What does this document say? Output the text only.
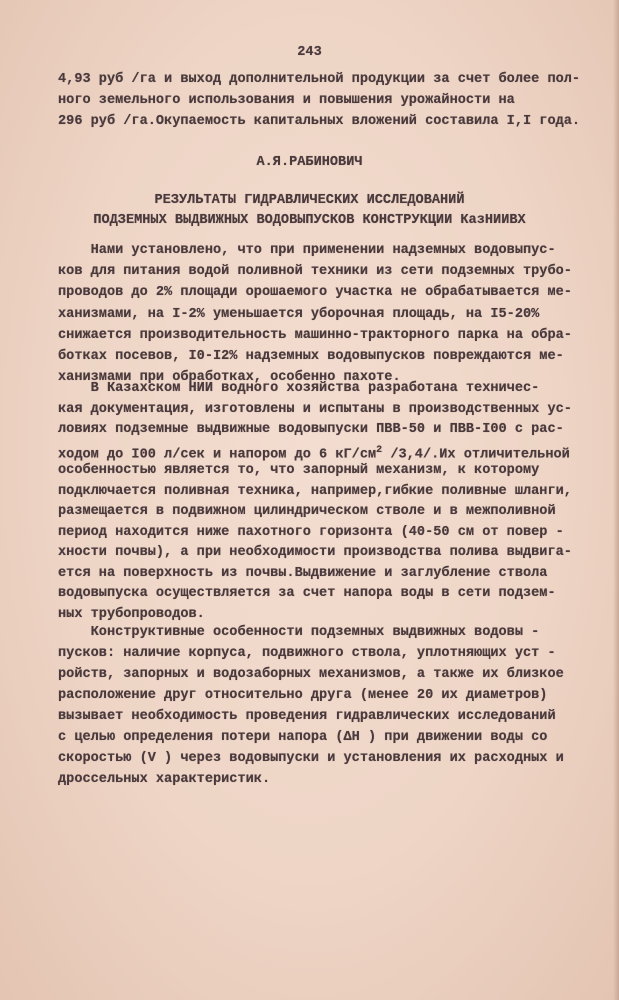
243
4,93 руб /га и выход дополнительной продукции за счет более пол-
ного земельного использования и повышения урожайности на
296 руб /га.Окупаемость капитальных вложений составила I,I года.
А.Я.РАБИНОВИЧ
РЕЗУЛЬТАТЫ ГИДРАВЛИЧЕСКИХ ИССЛЕДОВАНИЙ
ПОДЗЕМНЫХ ВЫДВИЖНЫХ ВОДОВЫПУСКОВ КОНСТРУКЦИИ КазНИИВХ
Нами установлено, что при применении надземных водовыпус-
ков для питания водой поливной техники из сети подземных трубо-
проводов до 2% площади орошаемого участка не обрабатывается ме-
ханизмами, на I-2% уменьшается уборочная площадь, на I5-20%
снижается производительность машинно-тракторного парка на обра-
ботках посевов, I0-I2% надземных водовыпусков повреждаются ме-
ханизмами при обработках, особенно пахоте.
В Казахском НИИ водного хозяйства разработана техничес-
кая документация, изготовлены и испытаны в производственных ус-
ловиях подземные выдвижные водовыпуски ПВВ-50 и ПВВ-I00 с рас-
ходом до I00 л/сек и напором до 6 $кГ/см^2$ /3,4/.Их отличительной
особенностью является то, что запорный механизм, к которому
подключается поливная техника, например,гибкие поливные шланги,
размещается в подвижном цилиндрическом стволе и в межполивной
период находится ниже пахотного горизонта (40-50 см от повер -
хности почвы), а при необходимости производства полива выдвига-
ется на поверхность из почвы.Выдвижение и заглубление ствола
водовыпуска осуществляется за счет напора воды в сети подзем-
ных трубопроводов.
Конструктивные особенности подземных выдвижных водовы -
пусков: наличие корпуса, подвижного ствола, уплотняющих уст -
ройств, запорных и водозаборных механизмов, а также их близкое
расположение друг относительно друга (менее 20 их диаметров)
вызывает необходимость проведения гидравлических исследований
с целью определения потери напора (ΔН ) при движении воды со
скоростью (V ) через водовыпуски и установления их расходных и
дроссельных характеристик.
